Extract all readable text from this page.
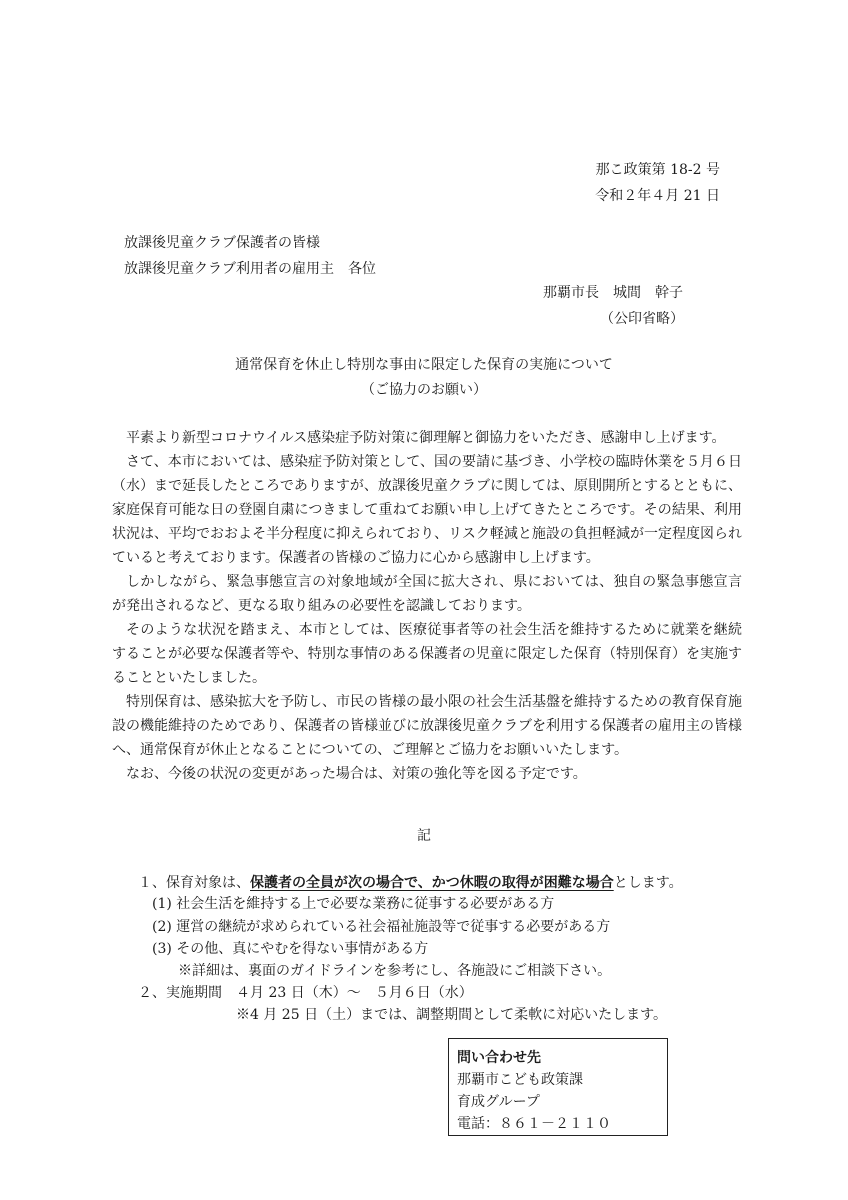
那こ政策第 18-2 号
令和２年４月 21 日
放課後児童クラブ保護者の皆様
放課後児童クラブ利用者の雇用主　各位
那覇市長　城間　幹子
（公印省略）
通常保育を休止し特別な事由に限定した保育の実施について
（ご協力のお願い）

平素より新型コロナウイルス感染症予防対策に御理解と御協力をいただき、感謝申し上げます。

さて、本市においては、感染症予防対策として、国の要請に基づき、小学校の臨時休業を５月６日（水）まで延長したところでありますが、放課後児童クラブに関しては、原則開所とするとともに、家庭保育可能な日の登園自粛につきまして重ねてお願い申し上げてきたところです。その結果、利用状況は、平均でおおよそ半分程度に抑えられており、リスク軽減と施設の負担軽減が一定程度図られていると考えております。保護者の皆様のご協力に心から感謝申し上げます。

しかしながら、緊急事態宣言の対象地域が全国に拡大され、県においては、独自の緊急事態宣言が発出されるなど、更なる取り組みの必要性を認識しております。

そのような状況を踏まえ、本市としては、医療従事者等の社会生活を維持するために就業を継続することが必要な保護者等や、特別な事情のある保護者の児童に限定した保育（特別保育）を実施することといたしました。

特別保育は、感染拡大を予防し、市民の皆様の最小限の社会生活基盤を維持するための教育保育施設の機能維持のためであり、保護者の皆様並びに放課後児童クラブを利用する保護者の雇用主の皆様へ、通常保育が休止となることについての、ご理解とご協力をお願いいたします。

なお、今後の状況の変更があった場合は、対策の強化等を図る予定です。

記
１、保育対象は、保護者の全員が次の場合で、かつ休暇の取得が困難な場合とします。
(1) 社会生活を維持する上で必要な業務に従事する必要がある方
(2) 運営の継続が求められている社会福祉施設等で従事する必要がある方
(3) その他、真にやむを得ない事情がある方
※詳細は、裏面のガイドラインを参考にし、各施設にご相談下さい。
２、実施期間　４月 23 日（木）～　５月６日（水）
※4 月 25 日（土）までは、調整期間として柔軟に対応いたします。
問い合わせ先
那覇市こども政策課
育成グループ
電話：８６１－２１１０
